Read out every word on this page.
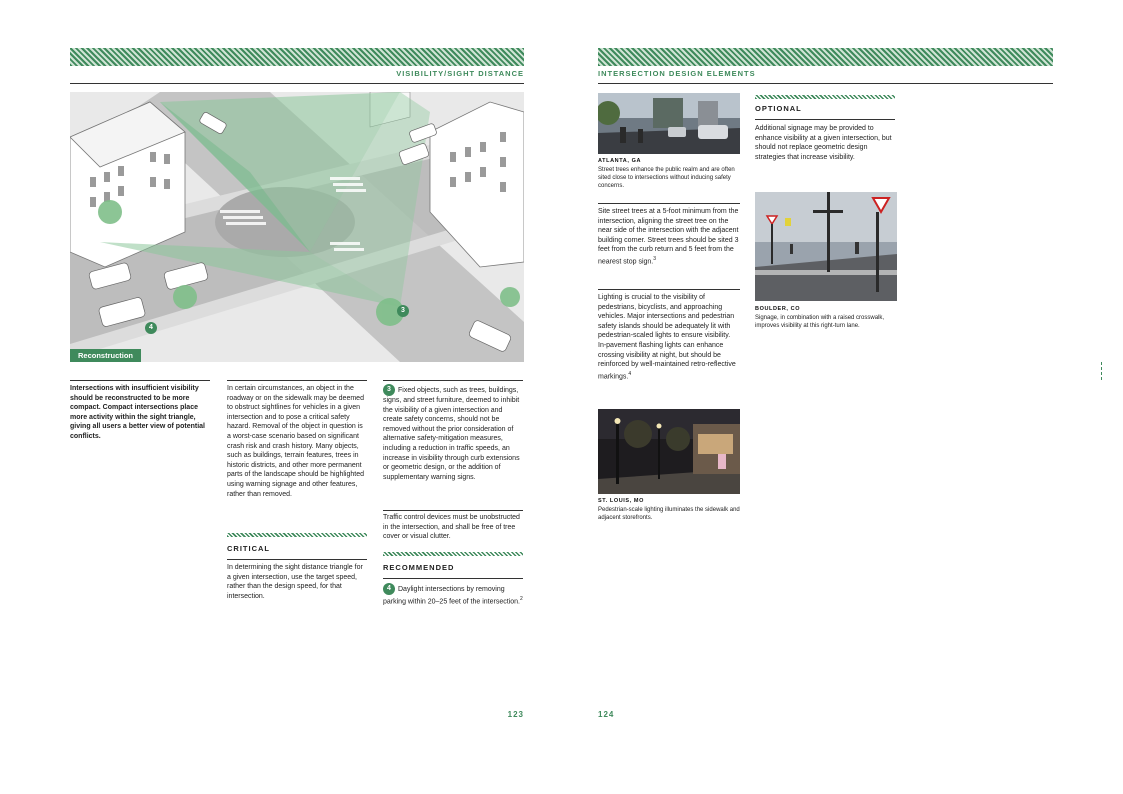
VISIBILITY/SIGHT DISTANCE
4
3
Reconstruction
Intersections with insufficient visibility should be reconstructed to be more compact. Compact intersections place more activity within the sight triangle, giving all users a better view of potential conflicts.
In certain circumstances, an object in the roadway or on the sidewalk may be deemed to obstruct sightlines for vehicles in a given intersection and to pose a critical safety hazard. Removal of the object in question is a worst-case scenario based on significant crash risk and crash history. Many objects, such as buildings, terrain features, trees in historic districts, and other more permanent parts of the landscape should be highlighted using warning signage and other features, rather than removed.
CRITICAL
In determining the sight distance triangle for a given intersection, use the target speed, rather than the design speed, for that intersection.
3 Fixed objects, such as trees, buildings, signs, and street furniture, deemed to inhibit the visibility of a given intersection and create safety concerns, should not be removed without the prior consideration of alternative safety-mitigation measures, including a reduction in traffic speeds, an increase in visibility through curb extensions or geometric design, or the addition of supplementary warning signs.
Traffic control devices must be unobstructed in the intersection, and shall be free of tree cover or visual clutter.
RECOMMENDED
4 Daylight intersections by removing parking within 20–25 feet of the intersection.$^2$
123
INTERSECTION DESIGN ELEMENTS
ATLANTA, GA
Street trees enhance the public realm and are often sited close to intersections without inducing safety concerns.
Site street trees at a 5-foot minimum from the intersection, aligning the street tree on the near side of the intersection with the adjacent building corner. Street trees should be sited 3 feet from the curb return and 5 feet from the nearest stop sign.$^3$
Lighting is crucial to the visibility of pedestrians, bicyclists, and approaching vehicles. Major intersections and pedestrian safety islands should be adequately lit with pedestrian-scaled lights to ensure visibility. In-pavement flashing lights can enhance crossing visibility at night, but should be reinforced by well-maintained retro-reflective markings.$^4$
ST. LOUIS, MO
Pedestrian-scale lighting illuminates the sidewalk and adjacent storefronts.
OPTIONAL
Additional signage may be provided to enhance visibility at a given intersection, but should not replace geometric design strategies that increase visibility.
BOULDER, CO
Signage, in combination with a raised crosswalk, improves visibility at this right-turn lane.
124
